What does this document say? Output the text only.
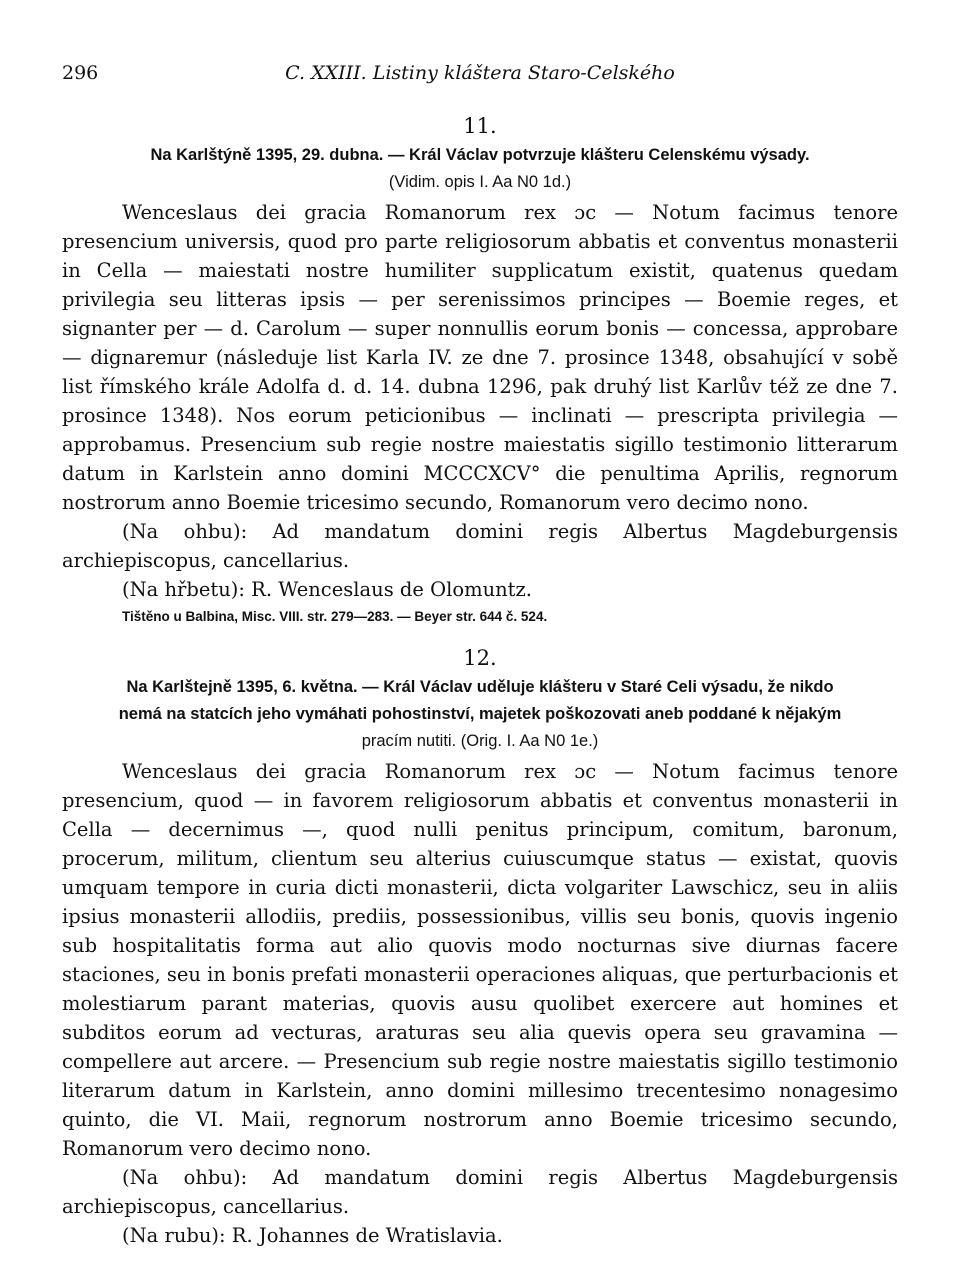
296	C. XXIII. Listiny kláštera Staro-Celského
11.
Na Karlštýně 1395, 29. dubna. — Král Václav potvrzuje klášteru Celenskému výsady.
(Vidim. opis I. Aa N0 1d.)

Wenceslaus dei gracia Romanorum rex ɔc — Notum facimus tenore presencium universis, quod pro parte religiosorum abbatis et conventus monasterii in Cella — maiestati nostre humiliter supplicatum existit, quatenus quedam privilegia seu litteras ipsis — per serenissimos principes — Boemie reges, et signanter per — d. Carolum — super nonnullis eorum bonis — concessa, approbare — dignaremur (následuje list Karla IV. ze dne 7. prosince 1348, obsahující v sobě list římského krále Adolfa d. d. 14. dubna 1296, pak druhý list Karlův též ze dne 7. prosince 1348). Nos eorum peticionibus — inclinati — prescripta privilegia — approbamus. Presencium sub regie nostre maiestatis sigillo testimonio litterarum datum in Karlstein anno domini MCCCXCV° die penultima Aprilis, regnorum nostrorum anno Boemie tricesimo secundo, Romanorum vero decimo nono.

(Na ohbu): Ad mandatum domini regis Albertus Magdeburgensis archiepiscopus, cancellarius.

(Na hřbetu): R. Wenceslaus de Olomuntz.

Tištěno u Balbina, Misc. VIII. str. 279—283. — Beyer str. 644 č. 524.

12.
Na Karlštejně 1395, 6. května. — Král Václav uděluje klášteru v Staré Celi výsadu, že nikdo
nemá na statcích jeho vymáhati pohostinství, majetek poškozovati aneb poddané k nějakým
pracím nutiti. (Orig. I. Aa N0 1e.)

Wenceslaus dei gracia Romanorum rex ɔc — Notum facimus tenore presencium, quod — in favorem religiosorum abbatis et conventus monasterii in Cella — decernimus —, quod nulli penitus principum, comitum, baronum, procerum, militum, clientum seu alterius cuiuscumque status — existat, quovis umquam tempore in curia dicti monasterii, dicta volgariter Lawschicz, seu in aliis ipsius monasterii allodiis, prediis, possessionibus, villis seu bonis, quovis ingenio sub hospitalitatis forma aut alio quovis modo nocturnas sive diurnas facere staciones, seu in bonis prefati monasterii operaciones aliquas, que perturbacionis et molestiarum parant materias, quovis ausu quolibet exercere aut homines et subditos eorum ad vecturas, araturas seu alia quevis opera seu gravamina — compellere aut arcere. — Presencium sub regie nostre maiestatis sigillo testimonio literarum datum in Karlstein, anno domini millesimo trecentesimo nonagesimo quinto, die VI. Maii, regnorum nostrorum anno Boemie tricesimo secundo, Romanorum vero decimo nono.

(Na ohbu): Ad mandatum domini regis Albertus Magdeburgensis archiepiscopus, cancellarius.

(Na rubu): R. Johannes de Wratislavia.
